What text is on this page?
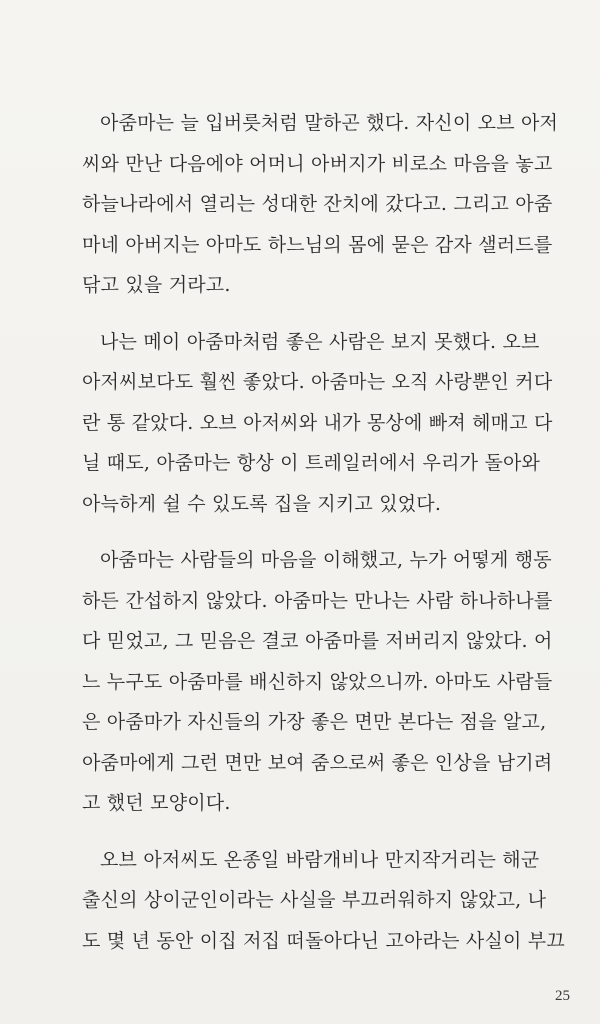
아줌마는 늘 입버릇처럼 말하곤 했다. 자신이 오브 아저
씨와 만난 다음에야 어머니 아버지가 비로소 마음을 놓고
하늘나라에서 열리는 성대한 잔치에 갔다고. 그리고 아줌
마네 아버지는 아마도 하느님의 몸에 묻은 감자 샐러드를
닦고 있을 거라고.

나는 메이 아줌마처럼 좋은 사람은 보지 못했다. 오브
아저씨보다도 훨씬 좋았다. 아줌마는 오직 사랑뿐인 커다
란 통 같았다. 오브 아저씨와 내가 몽상에 빠져 헤매고 다
닐 때도, 아줌마는 항상 이 트레일러에서 우리가 돌아와
아늑하게 쉴 수 있도록 집을 지키고 있었다.

아줌마는 사람들의 마음을 이해했고, 누가 어떻게 행동
하든 간섭하지 않았다. 아줌마는 만나는 사람 하나하나를
다 믿었고, 그 믿음은 결코 아줌마를 저버리지 않았다. 어
느 누구도 아줌마를 배신하지 않았으니까. 아마도 사람들
은 아줌마가 자신들의 가장 좋은 면만 본다는 점을 알고,
아줌마에게 그런 면만 보여 줌으로써 좋은 인상을 남기려
고 했던 모양이다.

오브 아저씨도 온종일 바람개비나 만지작거리는 해군
출신의 상이군인이라는 사실을 부끄러워하지 않았고, 나
도 몇 년 동안 이집 저집 떠돌아다닌 고아라는 사실이 부끄

25
